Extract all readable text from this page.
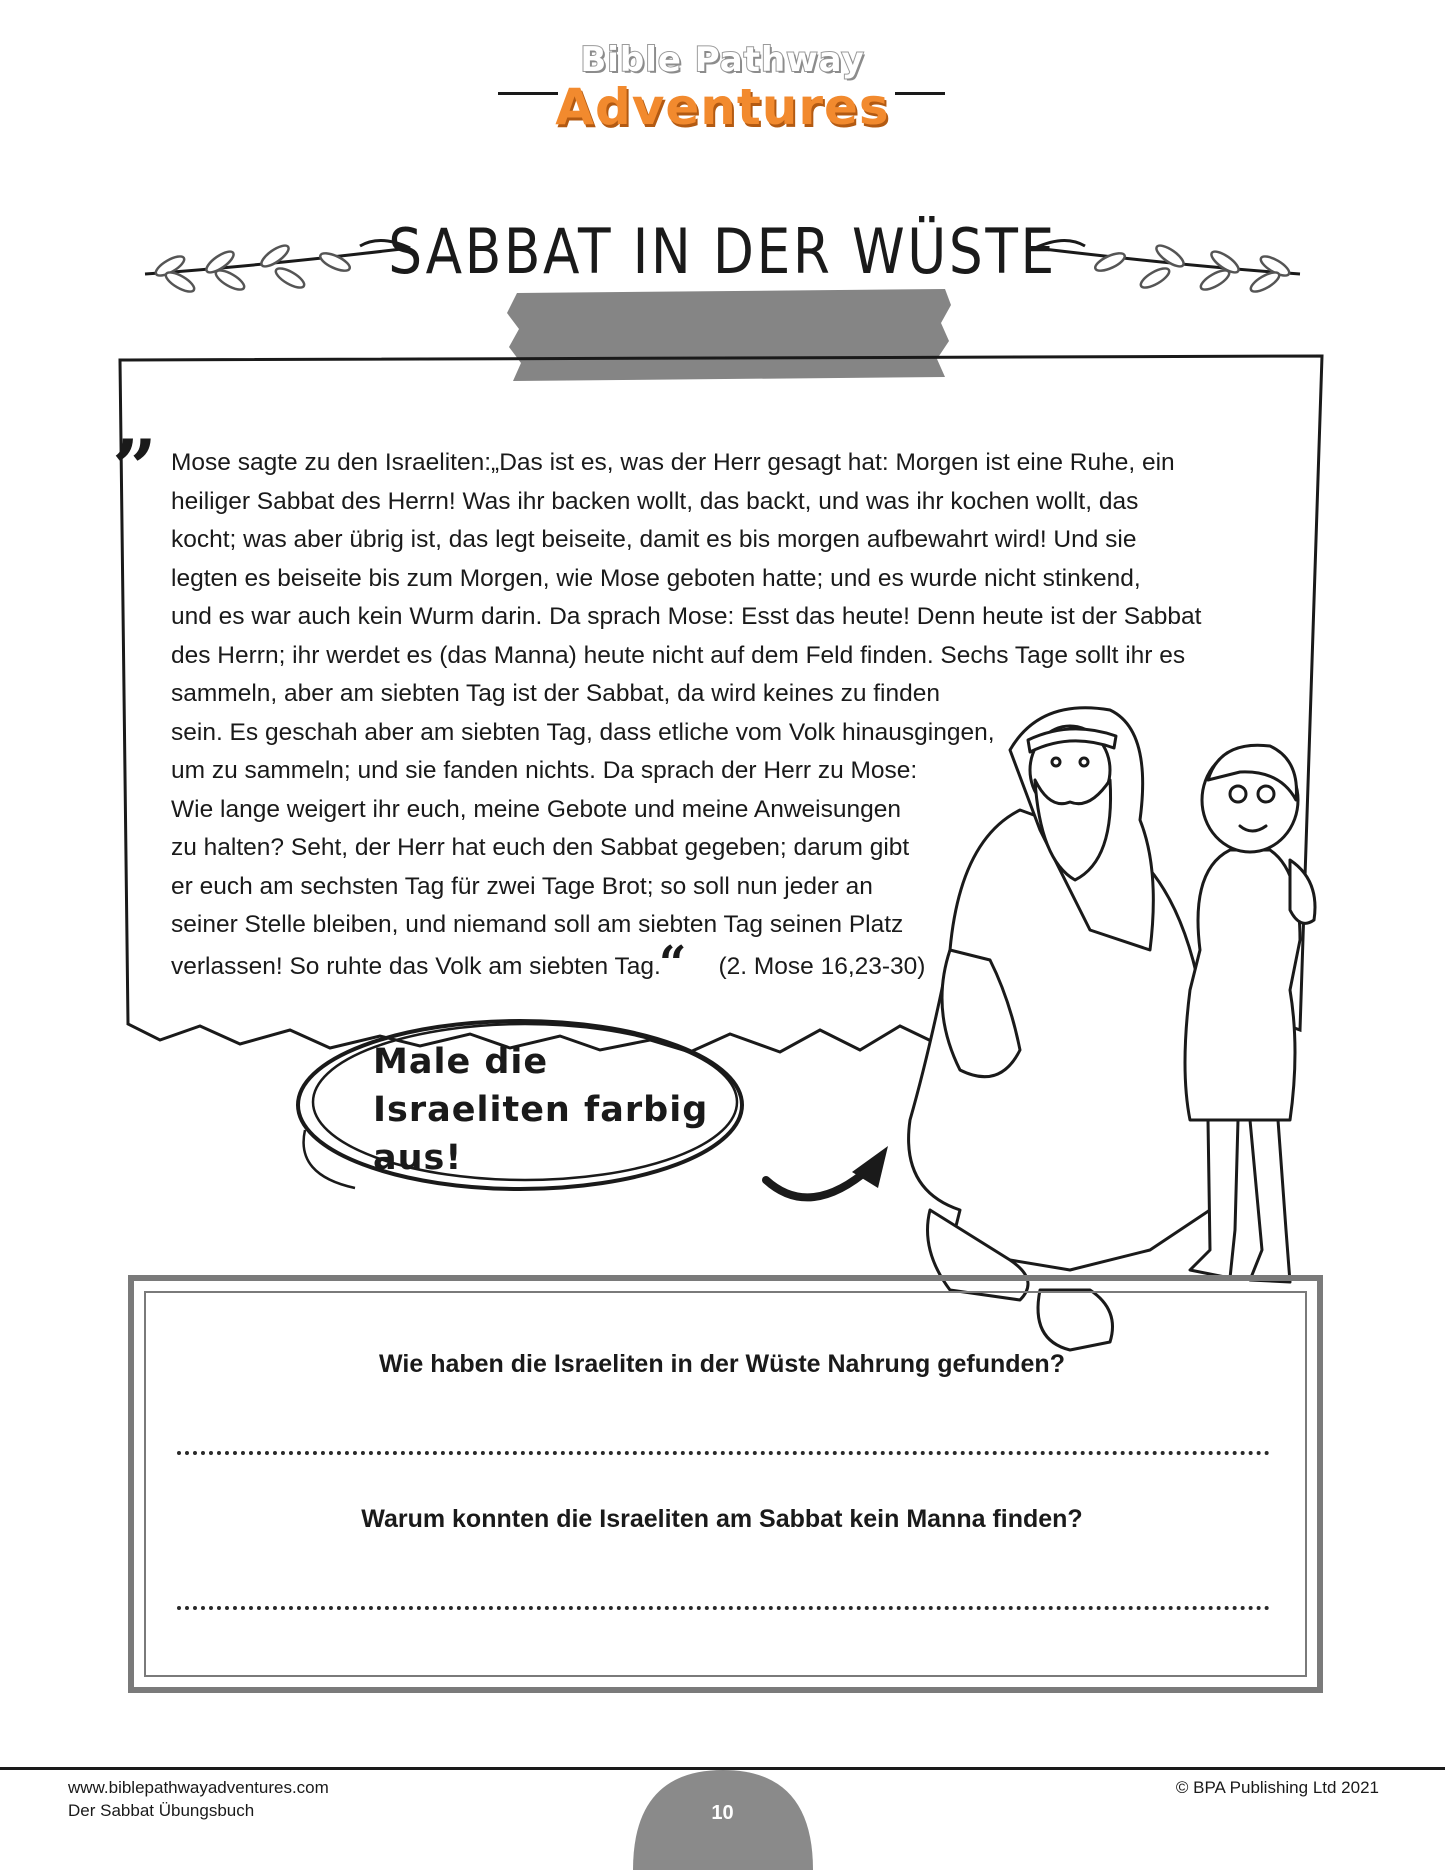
Bible Pathway
Adventures
SABBAT IN DER WÜSTE
” Mose sagte zu den Israeliten:„Das ist es, was der Herr gesagt hat: Morgen ist eine Ruhe, ein
heiliger Sabbat des Herrn! Was ihr backen wollt, das backt, und was ihr kochen wollt, das
kocht; was aber übrig ist, das legt beiseite, damit es bis morgen aufbewahrt wird! Und sie
legten es beiseite bis zum Morgen, wie Mose geboten hatte; und es wurde nicht stinkend,
und es war auch kein Wurm darin. Da sprach Mose: Esst das heute! Denn heute ist der Sabbat
des Herrn; ihr werdet es (das Manna) heute nicht auf dem Feld finden. Sechs Tage sollt ihr es
sammeln, aber am siebten Tag ist der Sabbat, da wird keines zu finden
sein. Es geschah aber am siebten Tag, dass etliche vom Volk hinausgingen,
um zu sammeln; und sie fanden nichts. Da sprach der Herr zu Mose:
Wie lange weigert ihr euch, meine Gebote und meine Anweisungen
zu halten? Seht, der Herr hat euch den Sabbat gegeben; darum gibt
er euch am sechsten Tag für zwei Tage Brot; so soll nun jeder an
seiner Stelle bleiben, und niemand soll am siebten Tag seinen Platz
verlassen! So ruhte das Volk am siebten Tag.“ (2. Mose 16,23-30)
Male die
Israeliten farbig
aus!
Wie haben die Israeliten in der Wüste Nahrung gefunden?
Warum konnten die Israeliten am Sabbat kein Manna finden?
www.biblepathwayadventures.com
Der Sabbat Übungsbuch
© BPA Publishing Ltd 2021
10
